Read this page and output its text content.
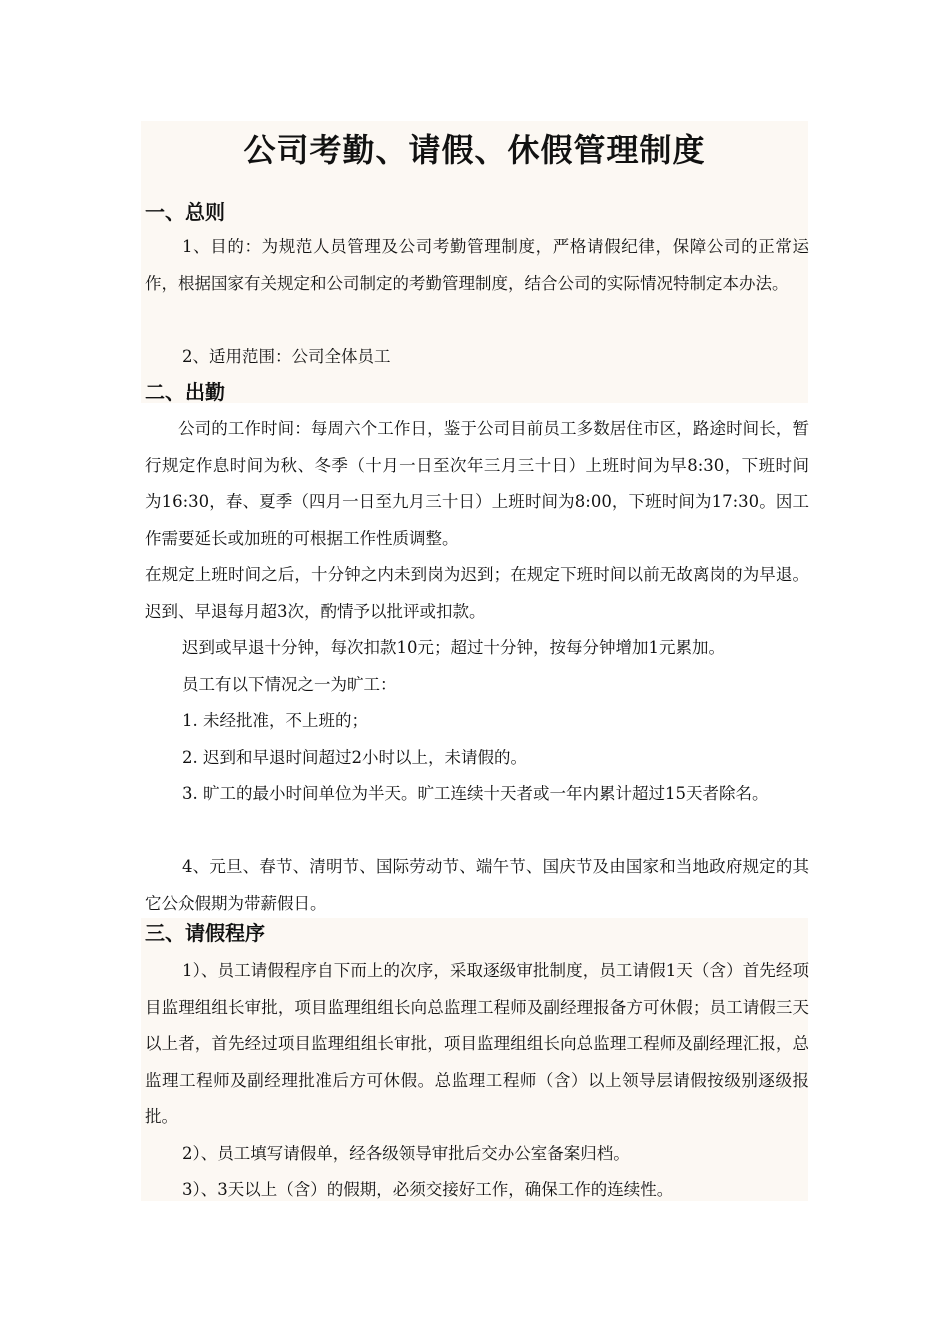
公司考勤、请假、休假管理制度
一、总则

1、目的：为规范人员管理及公司考勤管理制度，严格请假纪律，保障公司的正常运作，根据国家有关规定和公司制定的考勤管理制度，结合公司的实际情况特制定本办法。

2、适用范围：公司全体员工

二、出勤

公司的工作时间：每周六个工作日，鉴于公司目前员工多数居住市区，路途时间长，暂行规定作息时间为秋、冬季（十月一日至次年三月三十日）上班时间为早8:30，下班时间为16:30，春、夏季（四月一日至九月三十日）上班时间为8:00，下班时间为17:30。因工作需要延长或加班的可根据工作性质调整。

在规定上班时间之后，十分钟之内未到岗为迟到；在规定下班时间以前无故离岗的为早退。迟到、早退每月超3次，酌情予以批评或扣款。

迟到或早退十分钟，每次扣款10元；超过十分钟，按每分钟增加1元累加。

员工有以下情况之一为旷工：

1. 未经批准，不上班的；

2. 迟到和早退时间超过2小时以上，未请假的。

3. 旷工的最小时间单位为半天。旷工连续十天者或一年内累计超过15天者除名。

4、元旦、春节、清明节、国际劳动节、端午节、国庆节及由国家和当地政府规定的其它公众假期为带薪假日。

三、请假程序

1）、员工请假程序自下而上的次序，采取逐级审批制度，员工请假1天（含）首先经项目监理组组长审批，项目监理组组长向总监理工程师及副经理报备方可休假；员工请假三天以上者，首先经过项目监理组组长审批，项目监理组组长向总监理工程师及副经理汇报，总监理工程师及副经理批准后方可休假。总监理工程师（含）以上领导层请假按级别逐级报批。

2）、员工填写请假单，经各级领导审批后交办公室备案归档。

3）、3天以上（含）的假期，必须交接好工作，确保工作的连续性。
